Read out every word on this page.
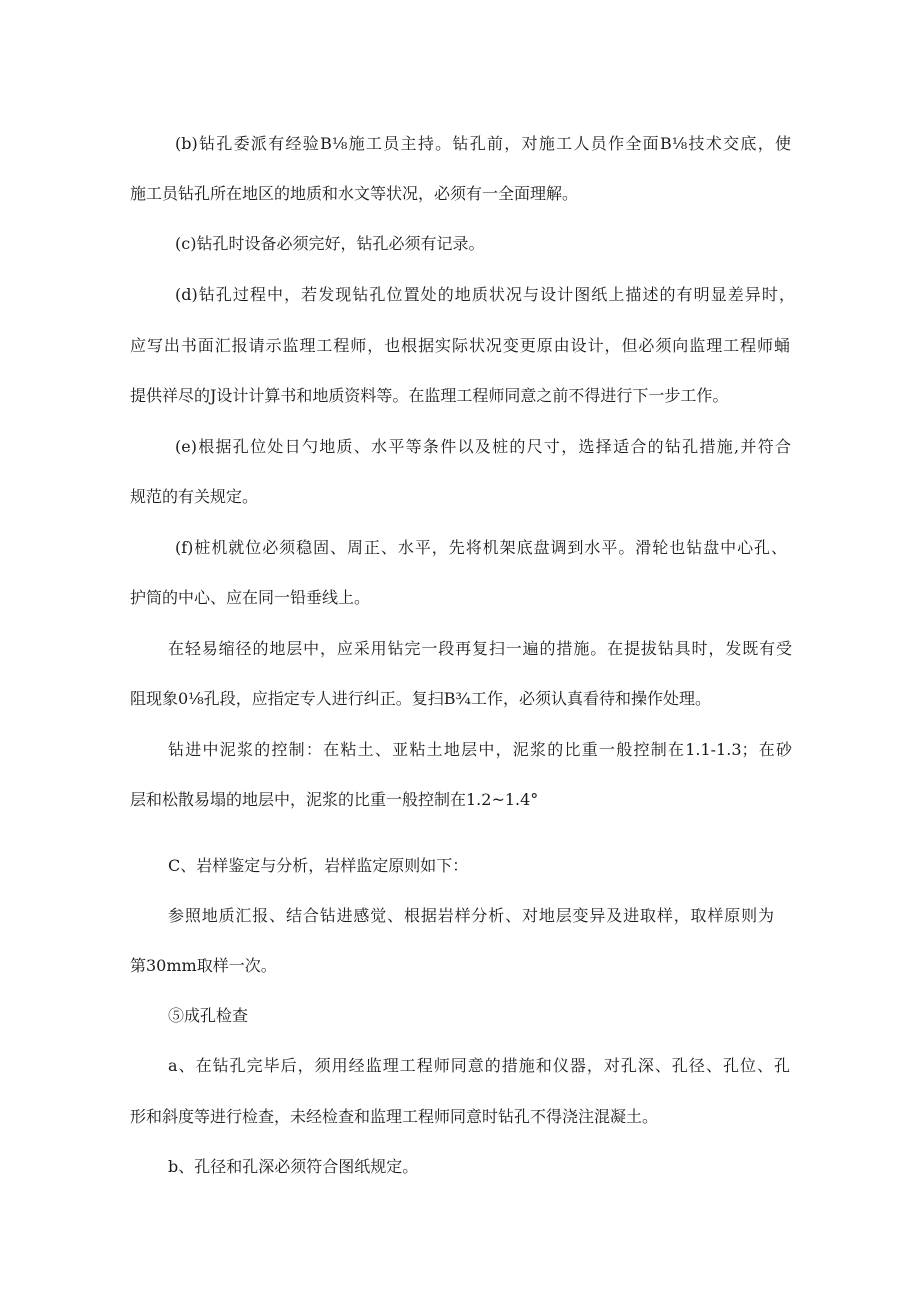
(b)钻孔委派有经验B⅛施工员主持。钻孔前，对施工人员作全面B⅛技术交底，使

施工员钻孔所在地区的地质和水文等状况，必须有一全面理解。

(c)钻孔时设备必须完好，钻孔必须有记录。

(d)钻孔过程中，若发现钻孔位置处的地质状况与设计图纸上描述的有明显差异时，

应写出书面汇报请示监理工程师，也根据实际状况变更原由设计，但必须向监理工程师蛹

提供祥尽的J设计计算书和地质资料等。在监理工程师同意之前不得进行下一步工作。

(e)根据孔位处日勺地质、水平等条件以及桩的尺寸，选择适合的钻孔措施,并符合

规范的有关规定。

(f)桩机就位必须稳固、周正、水平，先将机架底盘调到水平。滑轮也钻盘中心孔、

护筒的中心、应在同一铅垂线上。

在轻易缩径的地层中，应采用钻完一段再复扫一遍的措施。在提拔钻具时，发既有受

阻现象0⅛孔段，应指定专人进行纠正。复扫B¾工作，必须认真看待和操作处理。

钻进中泥浆的控制：在粘土、亚粘土地层中，泥浆的比重一般控制在1.1-1.3；在砂

层和松散易塌的地层中，泥浆的比重一般控制在1.2~1.4°

C、岩样鉴定与分析，岩样监定原则如下：

参照地质汇报、结合钻进感觉、根据岩样分析、对地层变异及进取样，取样原则为

第30mm取样一次。

⑤成孔检查

a、在钻孔完毕后，须用经监理工程师同意的措施和仪器，对孔深、孔径、孔位、孔

形和斜度等进行检查，未经检查和监理工程师同意时钻孔不得浇注混凝土。

b、孔径和孔深必须符合图纸规定。
